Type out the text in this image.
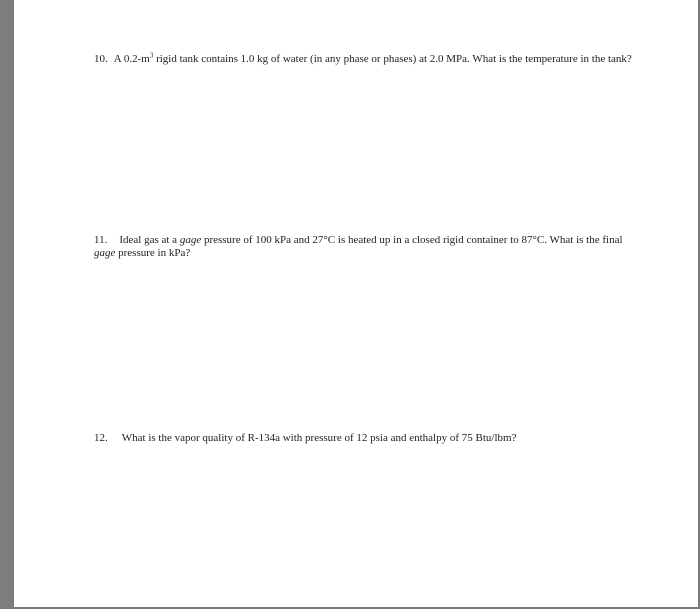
10. A $0.2-m^3$ rigid tank contains 1.0 kg of water (in any phase or phases) at 2.0 MPa. What is the temperature in the tank?
11. Ideal gas at a gage pressure of 100 kPa and 27°C is heated up in a closed rigid container to 87°C. What is the final gage pressure in kPa?
12. What is the vapor quality of R-134a with pressure of 12 psia and enthalpy of 75 Btu/lbm?
